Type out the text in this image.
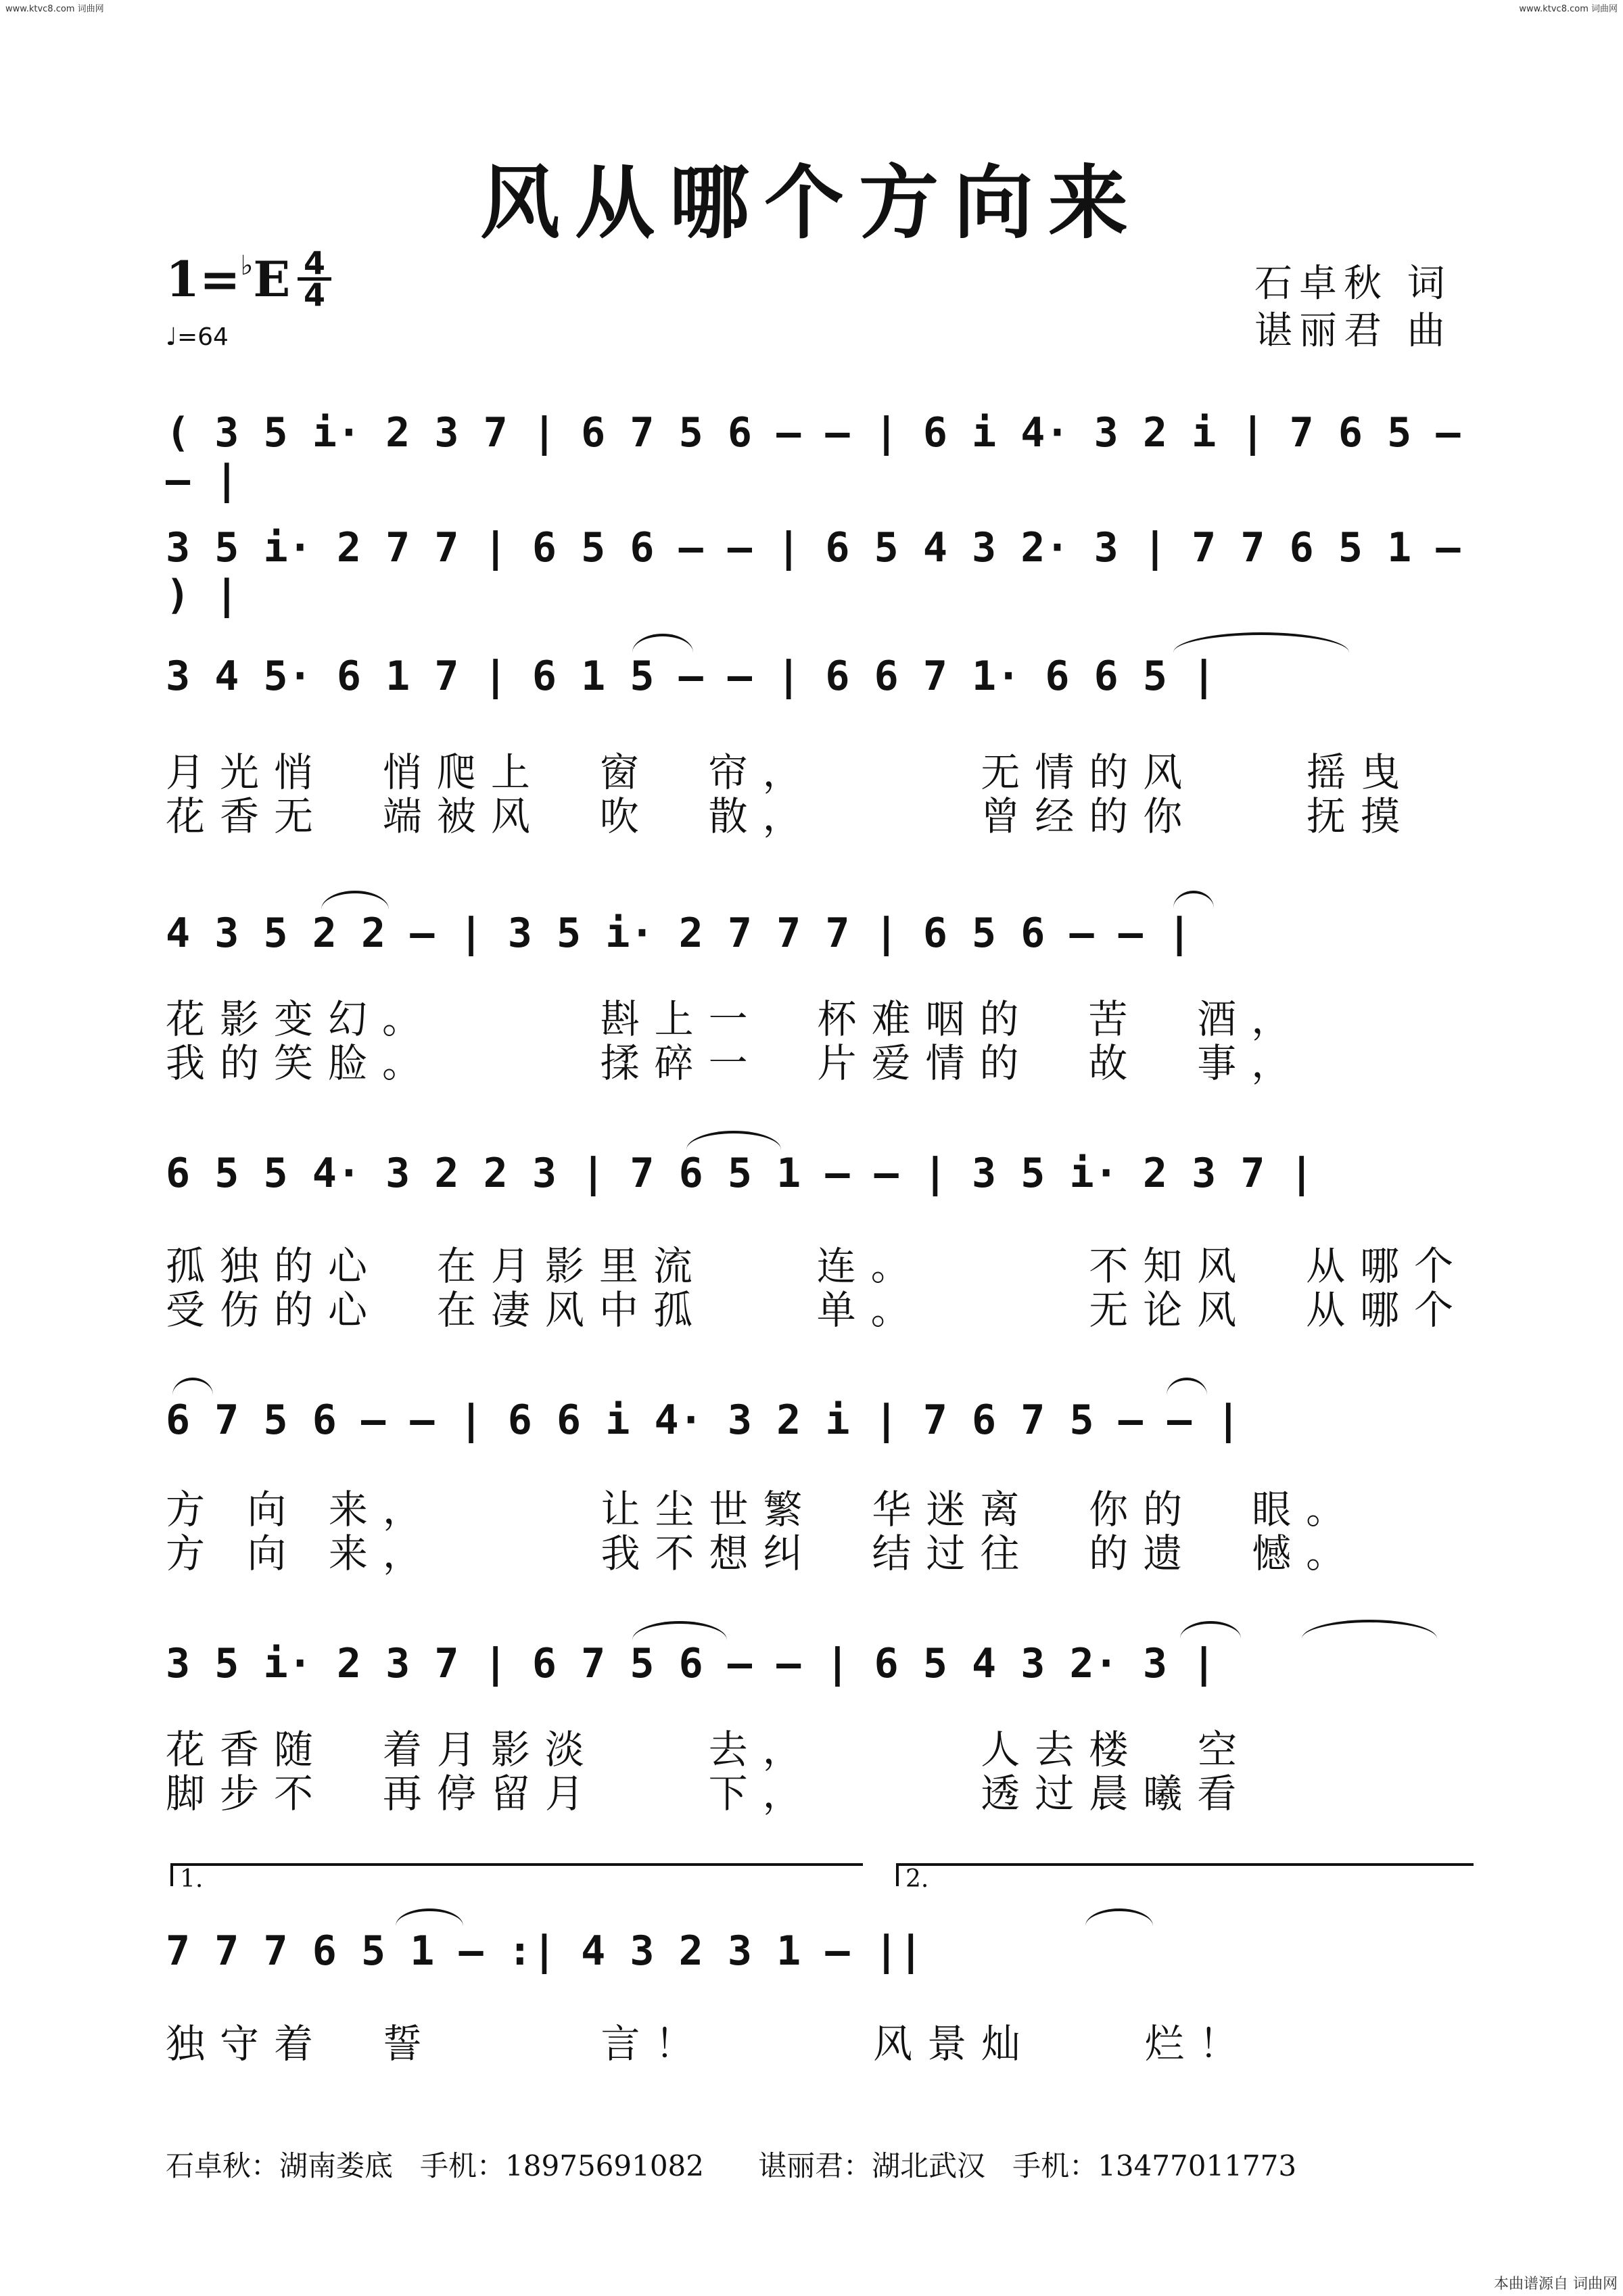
www.ktvc8.com 词曲网	www.ktvc8.com 词曲网
风从哪个方向来
1=♭E 4
4
♩=64
石卓秋 词
谌丽君 曲
( 3 5 i· 2 3 7 | 6 7 5 6 – – | 6 i 4· 3 2 i | 7 6 5 – – |
3 5 i· 2 7 7 | 6 5 6 – – | 6 5 4 3 2· 3 | 7 7 6 5 1 – ) |
3 4 5· 6 1 7 | 6 1 5 – – | 6 6 7 1· 6 6 5 |
月光悄  悄爬上  窗  帘，      无情的风    摇曳
花香无  端被风  吹  散，      曾经的你    抚摸
4 3 5 2 2 – | 3 5 i· 2 7 7 7 | 6 5 6 – – |
花影变幻。      斟上一  杯难咽的  苦  酒，
我的笑脸。      揉碎一  片爱情的  故  事，
6 5 5 4· 3 2 2 3 | 7 6 5 1 – – | 3 5 i· 2 3 7 |
孤独的心  在月影里流    连。      不知风  从哪个
受伤的心  在凄风中孤    单。      无论风  从哪个
6 7 5 6 – – | 6 6 i 4· 3 2 i | 7 6 7 5 – – |
方 向 来，      让尘世繁  华迷离  你的  眼。
方 向 来，      我不想纠  结过往  的遗  憾。
3 5 i· 2 3 7 | 6 7 5 6 – – | 6 5 4 3 2· 3 |
花香随  着月影淡    去，      人去楼  空
脚步不  再停留月    下，      透过晨曦看
1.	2.
7 7 7 6 5 1 – :| 4 3 2 3 1 – ||
独守着  誓      言！      风景灿    烂！
石卓秋：湖南娄底   手机：18975691082      谌丽君：湖北武汉   手机：13477011773
本曲谱源自 词曲网
